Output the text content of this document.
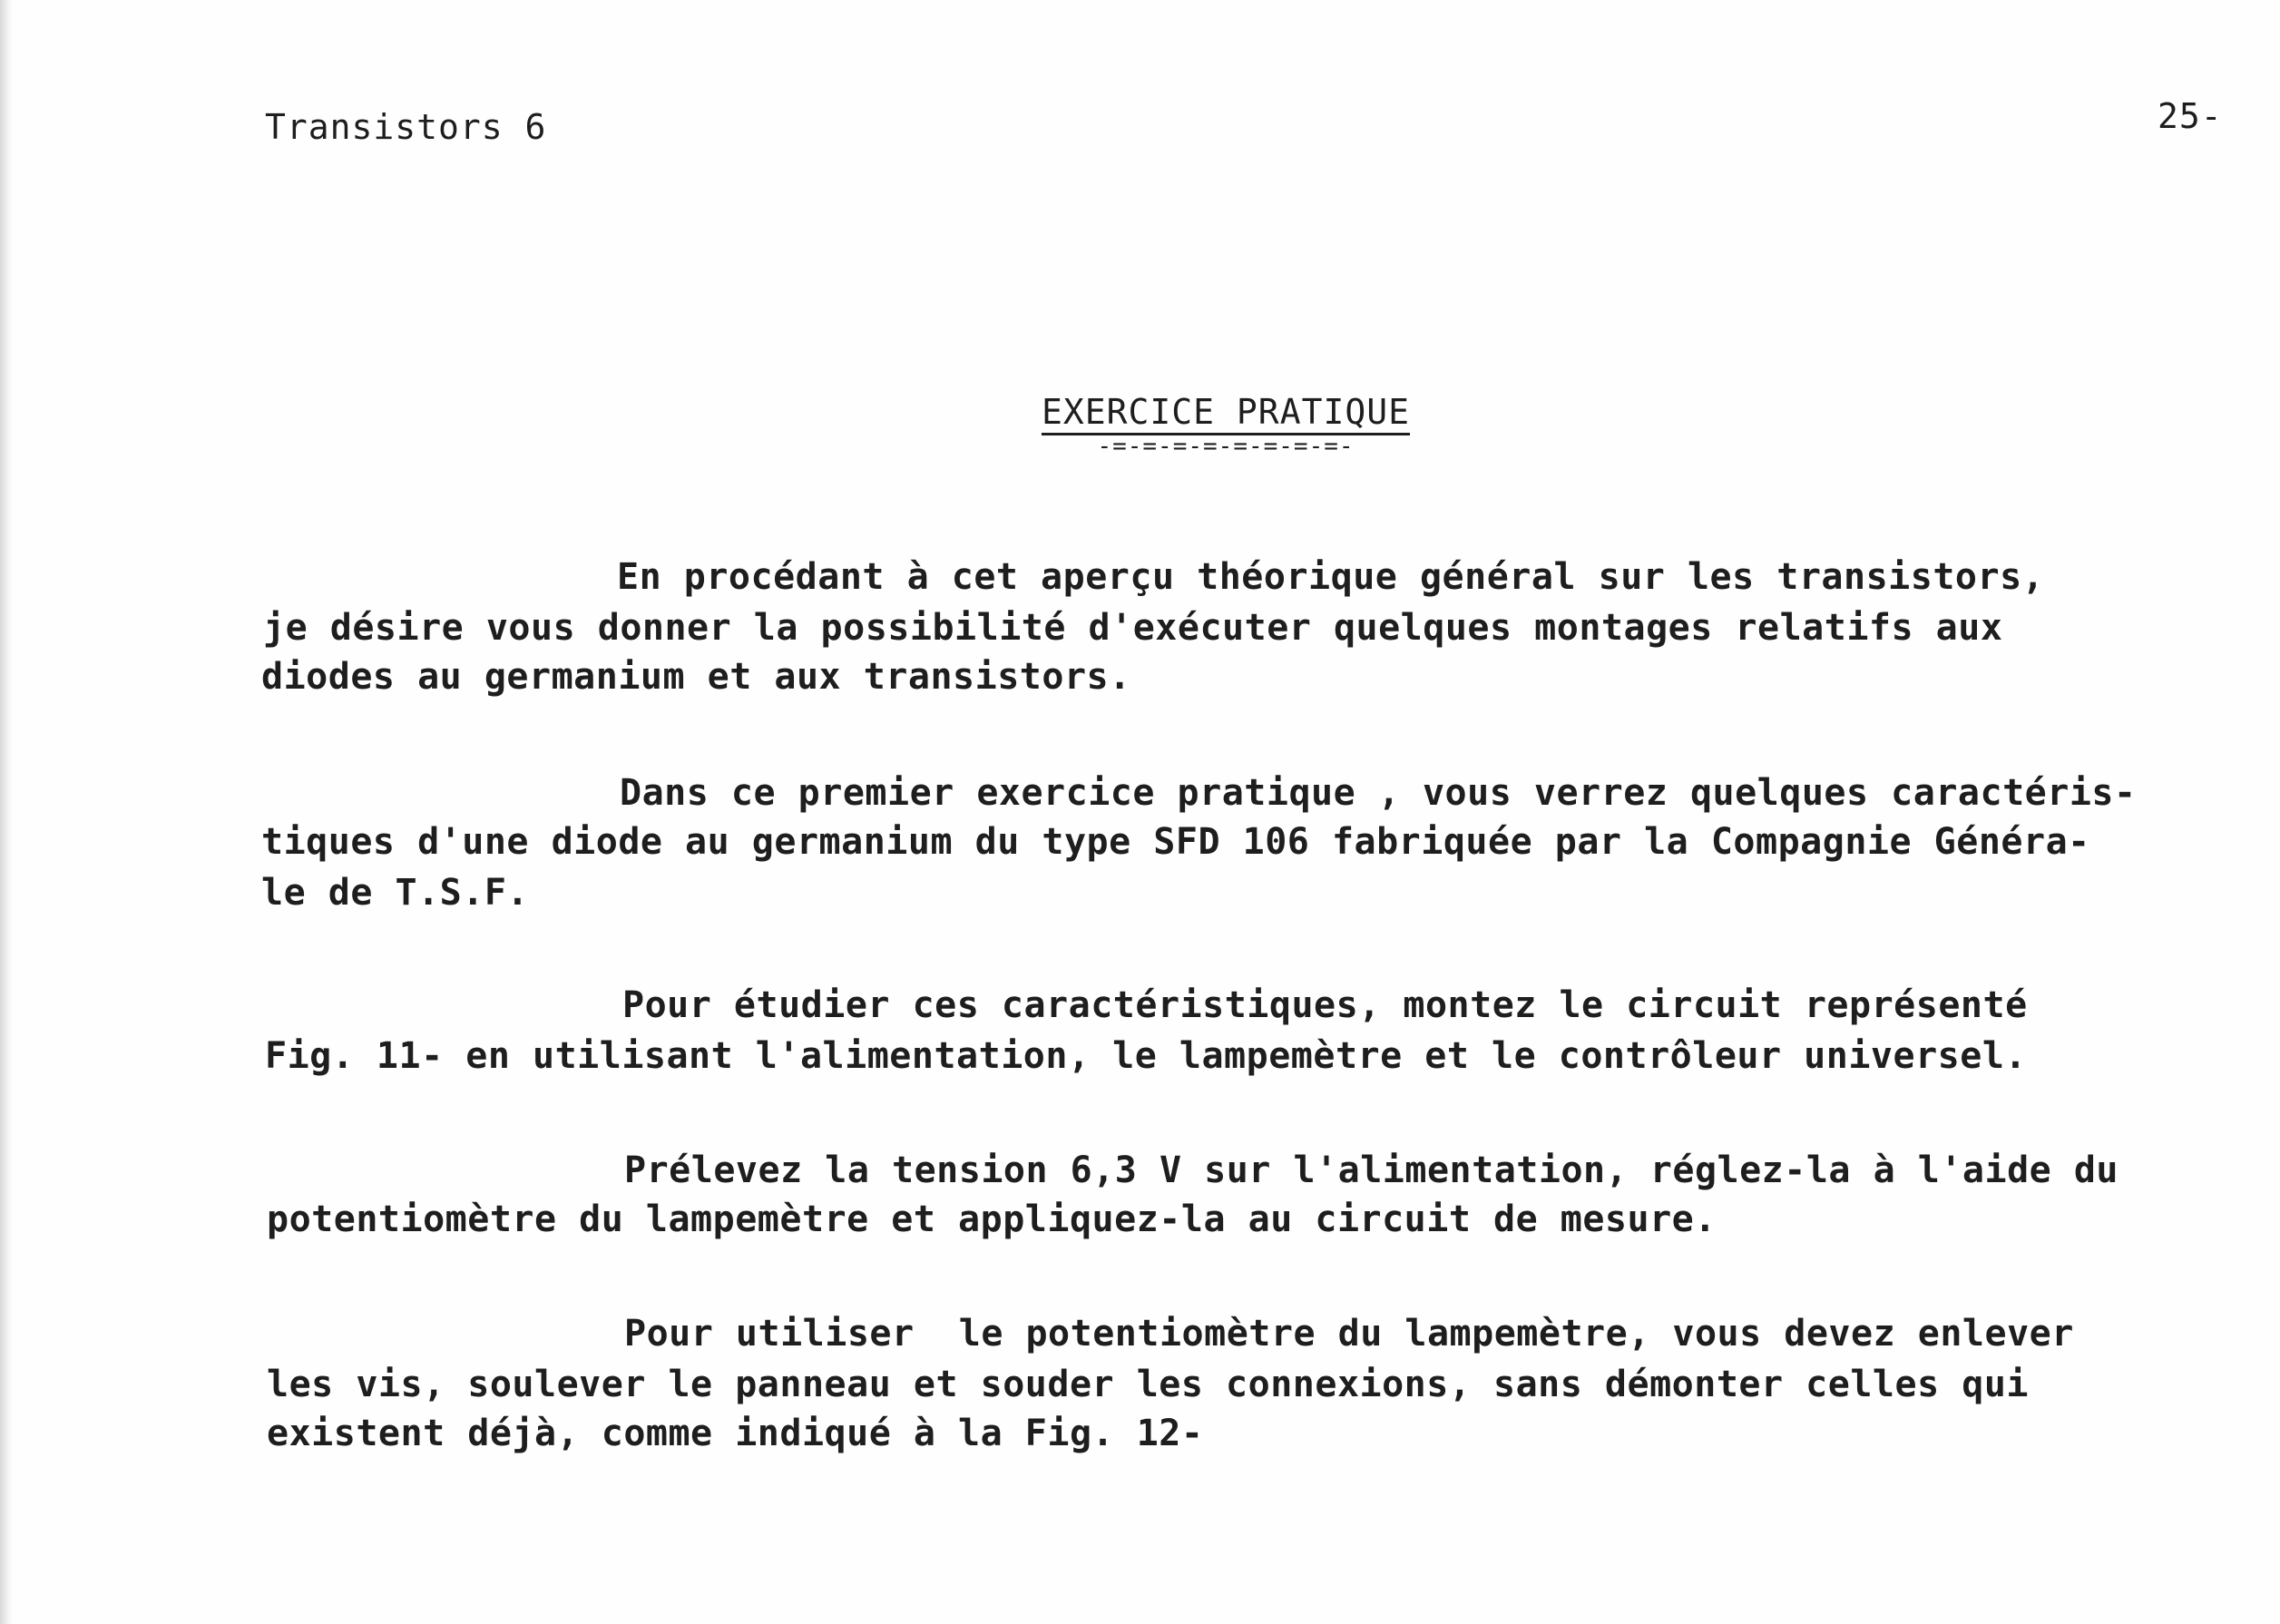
Transistors 6	25-
EXERCICE PRATIQUE
-=-=-=-=-=-=-=-=-
En procédant à cet aperçu théorique général sur les transistors,
je désire vous donner la possibilité d'exécuter quelques montages relatifs aux
diodes au germanium et aux transistors.
Dans ce premier exercice pratique , vous verrez quelques caractéris-
tiques d'une diode au germanium du type SFD 106 fabriquée par la Compagnie Généra-
le de T.S.F.
Pour étudier ces caractéristiques, montez le circuit représenté
Fig. 11- en utilisant l'alimentation, le lampemètre et le contrôleur universel.
Prélevez la tension 6,3 V sur l'alimentation, réglez-la à l'aide du
potentiomètre du lampemètre et appliquez-la au circuit de mesure.
Pour utiliser  le potentiomètre du lampemètre, vous devez enlever
les vis, soulever le panneau et souder les connexions, sans démonter celles qui
existent déjà, comme indiqué à la Fig. 12-
